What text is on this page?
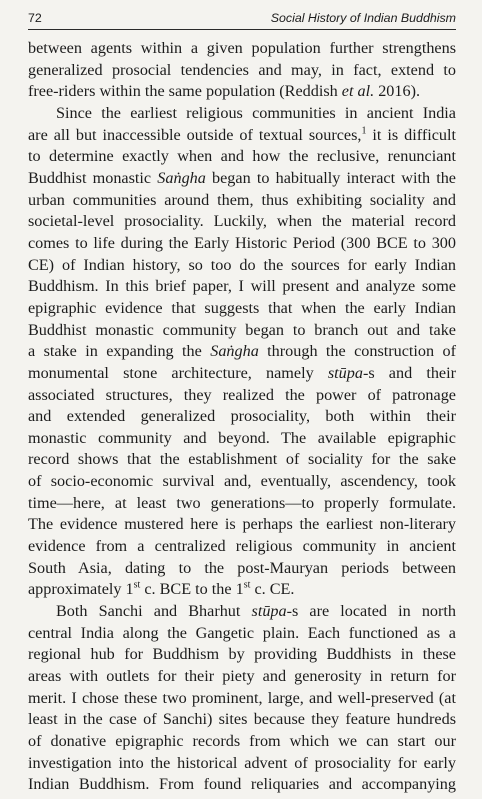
72	Social History of Indian Buddhism

between agents within a given population further strengthens

generalized prosocial tendencies and may, in fact, extend to

free-riders within the same population (Reddish et al. 2016).

Since the earliest religious communities in ancient India

are all but inaccessible outside of textual sources,$^1$ it is difficult

to determine exactly when and how the reclusive, renunciant

Buddhist monastic Saṅgha began to habitually interact with the

urban communities around them, thus exhibiting sociality and

societal-level prosociality. Luckily, when the material record

comes to life during the Early Historic Period (300 BCE to 300

CE) of Indian history, so too do the sources for early Indian

Buddhism. In this brief paper, I will present and analyze some

epigraphic evidence that suggests that when the early Indian

Buddhist monastic community began to branch out and take

a stake in expanding the Saṅgha through the construction of

monumental stone architecture, namely stūpa-s and their

associated structures, they realized the power of patronage

and extended generalized prosociality, both within their

monastic community and beyond. The available epigraphic

record shows that the establishment of sociality for the sake

of socio-economic survival and, eventually, ascendency, took

time—here, at least two generations—to properly formulate.

The evidence mustered here is perhaps the earliest non-literary

evidence from a centralized religious community in ancient

South Asia, dating to the post-Mauryan periods between

approximately 1st c. BCE to the 1st c. CE.

Both Sanchi and Bharhut stūpa-s are located in north

central India along the Gangetic plain. Each functioned as a

regional hub for Buddhism by providing Buddhists in these

areas with outlets for their piety and generosity in return for

merit. I chose these two prominent, large, and well-preserved (at

least in the case of Sanchi) sites because they feature hundreds

of donative epigraphic records from which we can start our

investigation into the historical advent of prosociality for early

Indian Buddhism. From found reliquaries and accompanying
